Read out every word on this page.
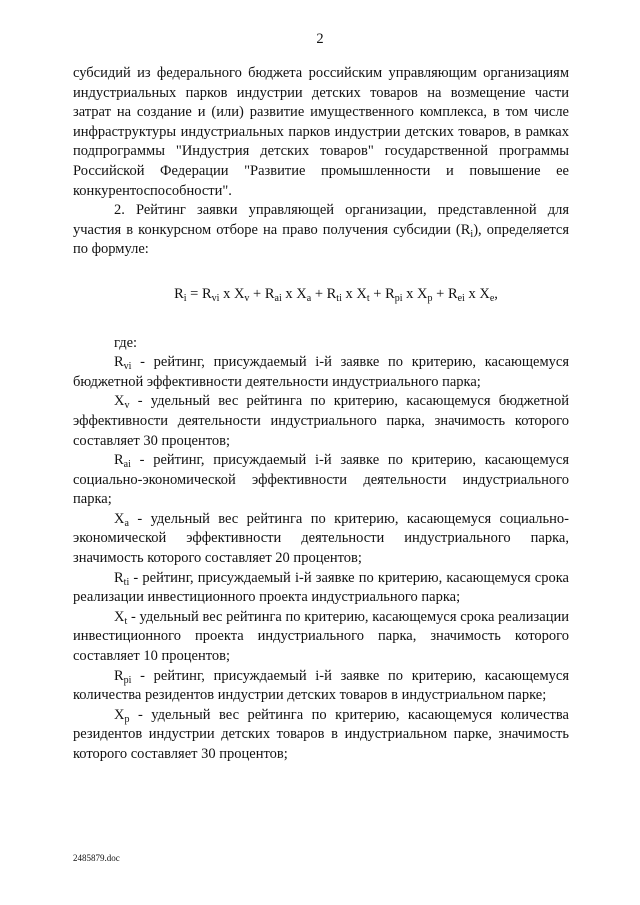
2

субсидий из федерального бюджета российским управляющим организациям индустриальных парков индустрии детских товаров на возмещение части затрат на создание и (или) развитие имущественного комплекса, в том числе инфраструктуры индустриальных парков индустрии детских товаров, в рамках подпрограммы "Индустрия детских товаров" государственной программы Российской Федерации "Развитие промышленности и повышение ее конкурентоспособности".

2. Рейтинг заявки управляющей организации, представленной для участия в конкурсном отборе на право получения субсидии $(R_i)$, определяется по формуле:

$R_i = R_{vi}$ x $X_v + R_{ai}$ x $X_a + R_{ti}$ x $X_t + R_{pi}$ x $X_p + R_{ei}$ x $X_e$,

где:

$R_{vi}$ - рейтинг, присуждаемый i-й заявке по критерию, касающемуся бюджетной эффективности деятельности индустриального парка;

$X_v$ - удельный вес рейтинга по критерию, касающемуся бюджетной эффективности деятельности индустриального парка, значимость которого составляет 30 процентов;

$R_{ai}$ - рейтинг, присуждаемый i-й заявке по критерию, касающемуся социально-экономической эффективности деятельности индустриального парка;

$X_a$ - удельный вес рейтинга по критерию, касающемуся социально-экономической эффективности деятельности индустриального парка, значимость которого составляет 20 процентов;

$R_{ti}$ - рейтинг, присуждаемый i-й заявке по критерию, касающемуся срока реализации инвестиционного проекта индустриального парка;

$X_t$ - удельный вес рейтинга по критерию, касающемуся срока реализации инвестиционного проекта индустриального парка, значимость которого составляет 10 процентов;

$R_{pi}$ - рейтинг, присуждаемый i-й заявке по критерию, касающемуся количества резидентов индустрии детских товаров в индустриальном парке;

$X_p$ - удельный вес рейтинга по критерию, касающемуся количества резидентов индустрии детских товаров в индустриальном парке, значимость которого составляет 30 процентов;

2485879.doc
